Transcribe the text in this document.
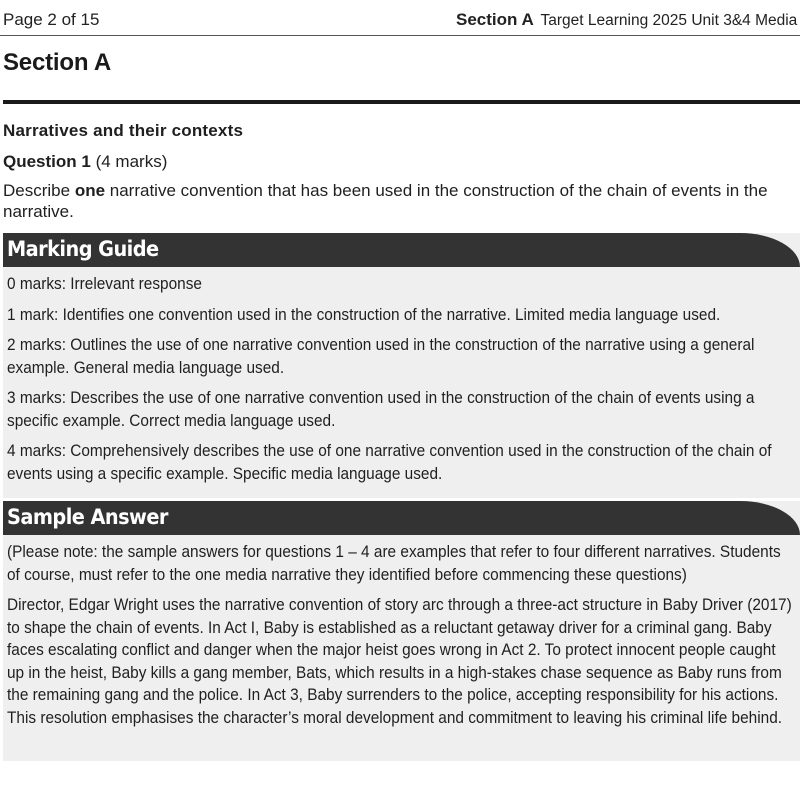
Page 2 of 15	Section A Target Learning 2025 Unit 3&4 Media
Section A
Narratives and their contexts
Question 1 (4 marks)

Describe one narrative convention that has been used in the construction of the chain of events in the narrative.

Marking Guide

0 marks: Irrelevant response

1 mark: Identifies one convention used in the construction of the narrative. Limited media language used.

2 marks: Outlines the use of one narrative convention used in the construction of the narrative using a general example. General media language used.

3 marks: Describes the use of one narrative convention used in the construction of the chain of events using a specific example. Correct media language used.

4 marks: Comprehensively describes the use of one narrative convention used in the construction of the chain of events using a specific example. Specific media language used.

Sample Answer

(Please note: the sample answers for questions 1 – 4 are examples that refer to four different narratives. Students of course, must refer to the one media narrative they identified before commencing these questions)

Director, Edgar Wright uses the narrative convention of story arc through a three-act structure in Baby Driver (2017) to shape the chain of events. In Act I, Baby is established as a reluctant getaway driver for a criminal gang. Baby faces escalating conflict and danger when the major heist goes wrong in Act 2. To protect innocent people caught up in the heist, Baby kills a gang member, Bats, which results in a high-stakes chase sequence as Baby runs from the remaining gang and the police. In Act 3, Baby surrenders to the police, accepting responsibility for his actions. This resolution emphasises the character’s moral development and commitment to leaving his criminal life behind.
